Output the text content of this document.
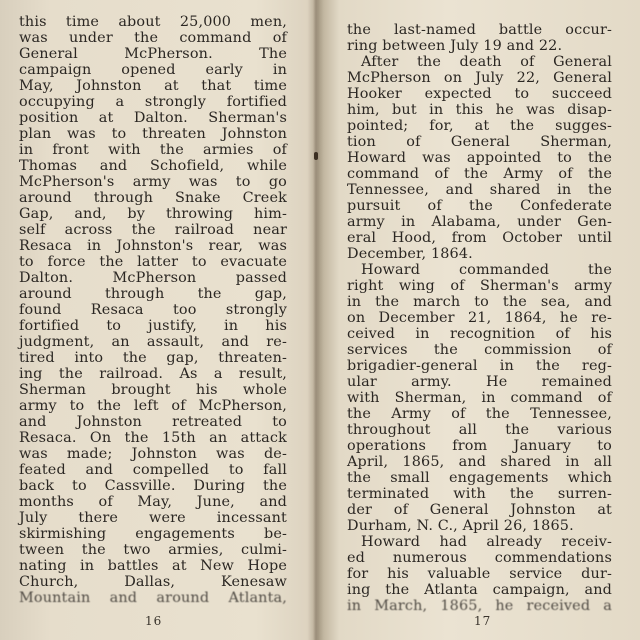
this time about 25,000 men,
was under the command of
General McPherson. The
campaign opened early in
May, Johnston at that time
occupying a strongly fortified
position at Dalton. Sherman's
plan was to threaten Johnston
in front with the armies of
Thomas and Schofield, while
McPherson's army was to go
around through Snake Creek
Gap, and, by throwing him-
self across the railroad near
Resaca in Johnston's rear, was
to force the latter to evacuate
Dalton. McPherson passed
around through the gap,
found Resaca too strongly
fortified to justify, in his
judgment, an assault, and re-
tired into the gap, threaten-
ing the railroad. As a result,
Sherman brought his whole
army to the left of McPherson,
and Johnston retreated to
Resaca. On the 15th an attack
was made; Johnston was de-
feated and compelled to fall
back to Cassville. During the
months of May, June, and
July there were incessant
skirmishing engagements be-
tween the two armies, culmi-
nating in battles at New Hope
Church, Dallas, Kenesaw
Mountain and around Atlanta,
the last-named battle occur-
ring between July 19 and 22.
After the death of General
McPherson on July 22, General
Hooker expected to succeed
him, but in this he was disap-
pointed; for, at the sugges-
tion of General Sherman,
Howard was appointed to the
command of the Army of the
Tennessee, and shared in the
pursuit of the Confederate
army in Alabama, under Gen-
eral Hood, from October until
December, 1864.
Howard commanded the
right wing of Sherman's army
in the march to the sea, and
on December 21, 1864, he re-
ceived in recognition of his
services the commission of
brigadier-general in the reg-
ular army. He remained
with Sherman, in command of
the Army of the Tennessee,
throughout all the various
operations from January to
April, 1865, and shared in all
the small engagements which
terminated with the surren-
der of General Johnston at
Durham, N. C., April 26, 1865.
Howard had already receiv-
ed numerous commendations
for his valuable service dur-
ing the Atlanta campaign, and
in March, 1865, he received a
16	17
